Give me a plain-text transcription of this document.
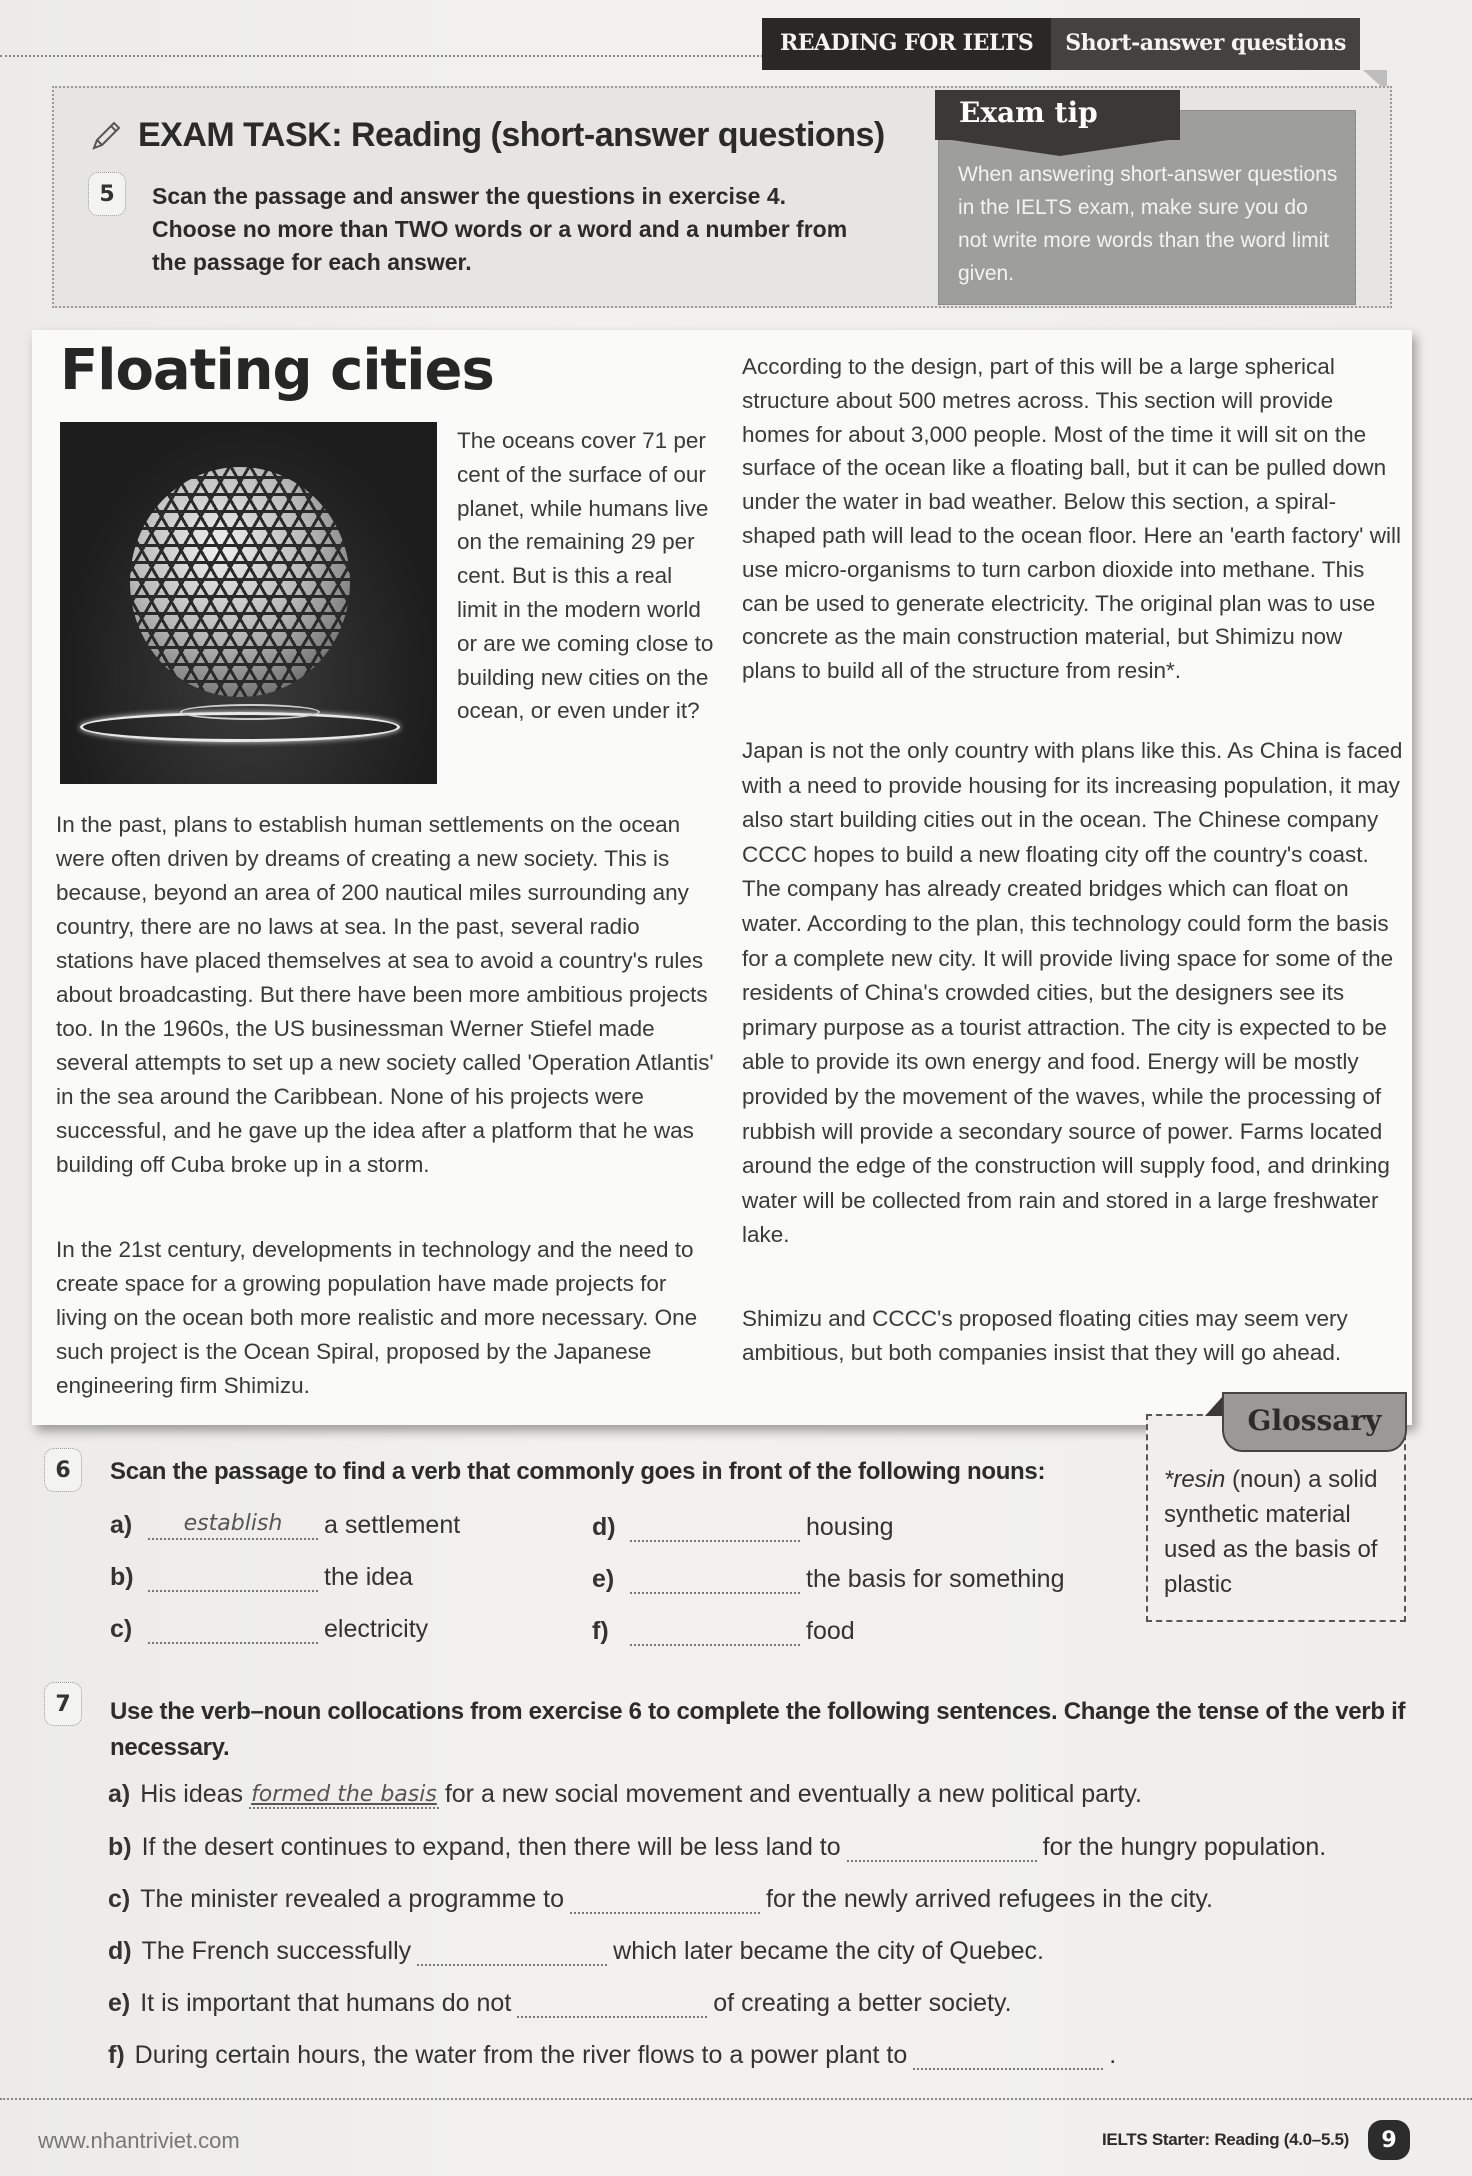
READING FOR IELTS	Short-answer questions
EXAM TASK: Reading (short-answer questions)
5	Scan the passage and answer the questions in exercise 4. Choose no more than TWO words or a word and a number from the passage for each answer.
Exam tip
When answering short-answer questions in the IELTS exam, make sure you do not write more words than the word limit given.
Floating cities
The oceans cover 71 per cent of the surface of our planet, while humans live on the remaining 29 per cent. But is this a real limit in the modern world or are we coming close to building new cities on the ocean, or even under it?
In the past, plans to establish human settlements on the ocean were often driven by dreams of creating a new society. This is because, beyond an area of 200 nautical miles surrounding any country, there are no laws at sea. In the past, several radio stations have placed themselves at sea to avoid a country's rules about broadcasting. But there have been more ambitious projects too. In the 1960s, the US businessman Werner Stiefel made several attempts to set up a new society called 'Operation Atlantis' in the sea around the Caribbean. None of his projects were successful, and he gave up the idea after a platform that he was building off Cuba broke up in a storm.
In the 21st century, developments in technology and the need to create space for a growing population have made projects for living on the ocean both more realistic and more necessary. One such project is the Ocean Spiral, proposed by the Japanese engineering firm Shimizu.
According to the design, part of this will be a large spherical structure about 500 metres across. This section will provide homes for about 3,000 people. Most of the time it will sit on the surface of the ocean like a floating ball, but it can be pulled down under the water in bad weather. Below this section, a spiral-shaped path will lead to the ocean floor. Here an 'earth factory' will use micro-organisms to turn carbon dioxide into methane. This can be used to generate electricity. The original plan was to use concrete as the main construction material, but Shimizu now plans to build all of the structure from resin*.
Japan is not the only country with plans like this. As China is faced with a need to provide housing for its increasing population, it may also start building cities out in the ocean. The Chinese company CCCC hopes to build a new floating city off the country's coast. The company has already created bridges which can float on water. According to the plan, this technology could form the basis for a complete new city. It will provide living space for some of the residents of China's crowded cities, but the designers see its primary purpose as a tourist attraction. The city is expected to be able to provide its own energy and food. Energy will be mostly provided by the movement of the waves, while the processing of rubbish will provide a secondary source of power. Farms located around the edge of the construction will supply food, and drinking water will be collected from rain and stored in a large freshwater lake.
Shimizu and CCCC's proposed floating cities may seem very ambitious, but both companies insist that they will go ahead.
Glossary
*resin (noun) a solid synthetic material used as the basis of plastic
6	Scan the passage to find a verb that commonly goes in front of the following nouns:
a)	establish	a settlement
b)	the idea
c)	electricity
d)	housing
e)	the basis for something
f)	food
7	Use the verb–noun collocations from exercise 6 to complete the following sentences. Change the tense of the verb if necessary.
a) His ideas formed the basis for a new social movement and eventually a new political party.
b) If the desert continues to expand, then there will be less land to	for the hungry population.
c) The minister revealed a programme to	for the newly arrived refugees in the city.
d) The French successfully	which later became the city of Quebec.
e) It is important that humans do not	of creating a better society.
f) During certain hours, the water from the river flows to a power plant to	.
www.nhantriviet.com	IELTS Starter: Reading (4.0–5.5)	9
